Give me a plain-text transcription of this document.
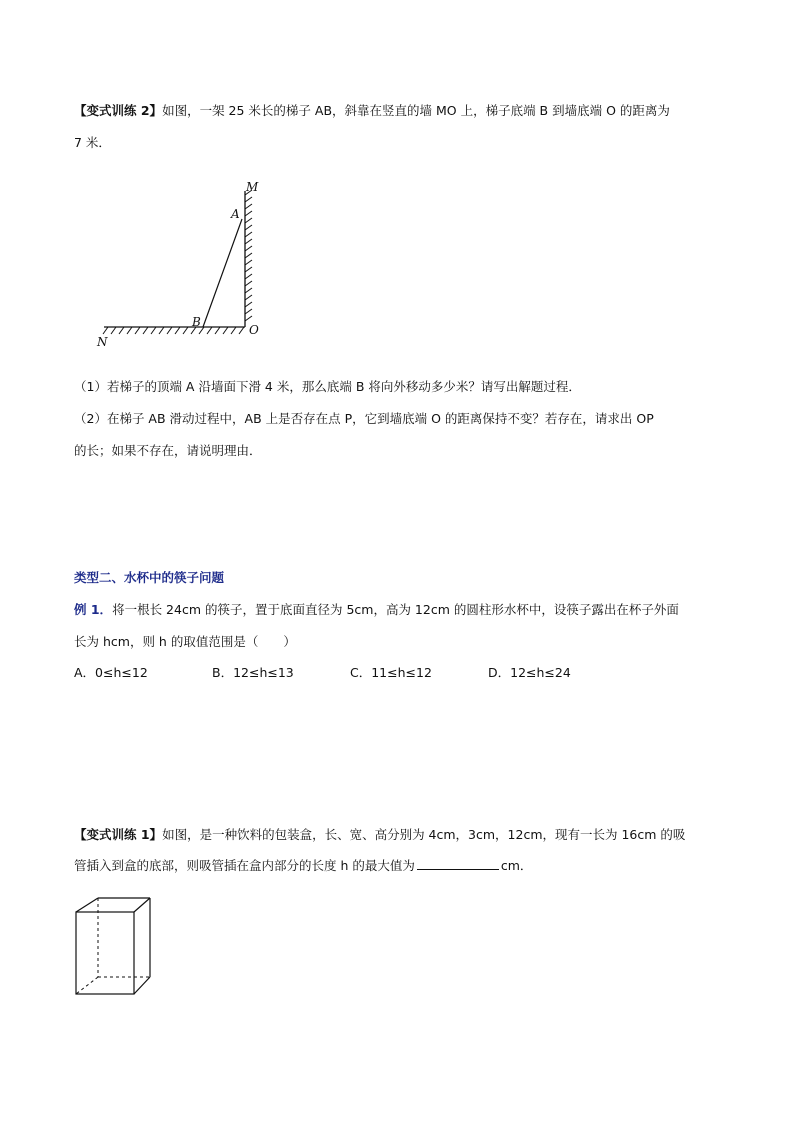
【变式训练 2】如图，一架 25 米长的梯子 AB，斜靠在竖直的墙 MO 上，梯子底端 B 到墙底端 O 的距离为
7 米．
M
A
B
O
N
（1）若梯子的顶端 A 沿墙面下滑 4 米，那么底端 B 将向外移动多少米？请写出解题过程．
（2）在梯子 AB 滑动过程中，AB 上是否存在点 P，它到墙底端 O 的距离保持不变？若存在，请求出 OP
的长；如果不存在，请说明理由．
类型二、水杯中的筷子问题
例 1．将一根长 24cm 的筷子，置于底面直径为 5cm，高为 12cm 的圆柱形水杯中，设筷子露出在杯子外面
长为 hcm，则 h 的取值范围是（　　）
A．0≤h≤12	B．12≤h≤13	C．11≤h≤12	D．12≤h≤24
【变式训练 1】如图，是一种饮料的包装盒，长、宽、高分别为 4cm，3cm，12cm，现有一长为 16cm 的吸
管插入到盒的底部，则吸管插在盒内部分的长度 h 的最大值为	cm．
